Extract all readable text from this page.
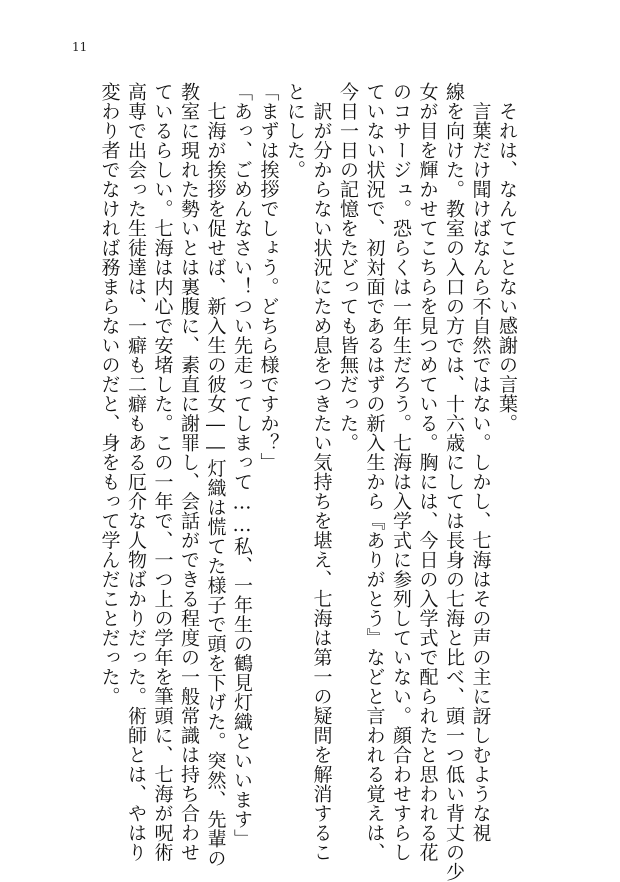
11

　それは、なんてことない感謝の言葉。

　言葉だけ聞けばなんら不自然ではない。しかし、七海はその声の主に訝しむような視

線を向けた。教室の入口の方では、十六歳にしては長身の七海と比べ、頭一つ低い背丈の少

女が目を輝かせてこちらを見つめている。胸には、今日の入学式で配られたと思われる花

のコサージュ。恐らくは一年生だろう。七海は入学式に参列していない。顔合わせすらし

ていない状況で、初対面であるはずの新入生から『ありがとう』などと言われる覚えは、

今日一日の記憶をたどっても皆無だった。

　訳が分からない状況にため息をつきたい気持ちを堪え、七海は第一の疑問を解消するこ

とにした。

「まずは挨拶でしょう。どちら様ですか？」

「あっ、ごめんなさい！つい先走ってしまって……私、一年生の鶴見灯織といいます」

　七海が挨拶を促せば、新入生の彼女――灯織は慌てた様子で頭を下げた。突然、先輩の

教室に現れた勢いとは裏腹に、素直に謝罪し、会話ができる程度の一般常識は持ち合わせ

ているらしい。七海は内心で安堵した。この一年で、一つ上の学年を筆頭に、七海が呪術

高専で出会った生徒達は、一癖も二癖もある厄介な人物ばかりだった。術師とは、やはり

変わり者でなければ務まらないのだと、身をもって学んだことだった。
